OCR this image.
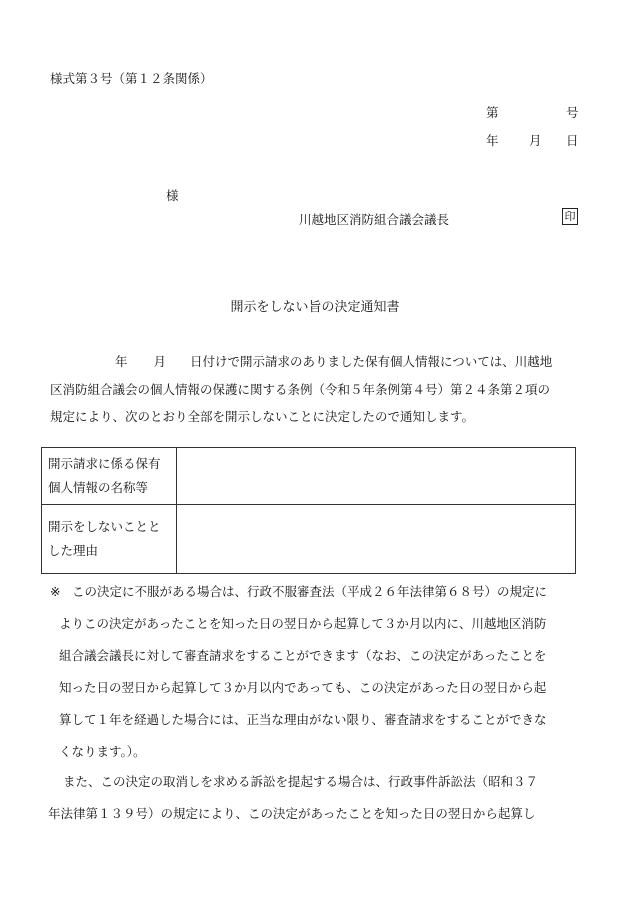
様式第３号（第１２条関係）
第	号
年 月 日
様
川越地区消防組合議会議長	印
開示をしない旨の決定通知書
年 月 日付けで開示請求のありました保有個人情報については、川越地
区消防組合議会の個人情報の保護に関する条例（令和５年条例第４号）第２４条第２項の
規定により、次のとおり全部を開示しないことに決定したので通知します。
開示請求に係る保有
個人情報の名称等	

開示をしないことと
した理由	

※ この決定に不服がある場合は、行政不服審査法（平成２６年法律第６８号）の規定に
よりこの決定があったことを知った日の翌日から起算して３か月以内に、川越地区消防
組合議会議長に対して審査請求をすることができます（なお、この決定があったことを
知った日の翌日から起算して３か月以内であっても、この決定があった日の翌日から起
算して１年を経過した場合には、正当な理由がない限り、審査請求をすることができな
くなります。）。
また、この決定の取消しを求める訴訟を提起する場合は、行政事件訴訟法（昭和３７
年法律第１３９号）の規定により、この決定があったことを知った日の翌日から起算し
